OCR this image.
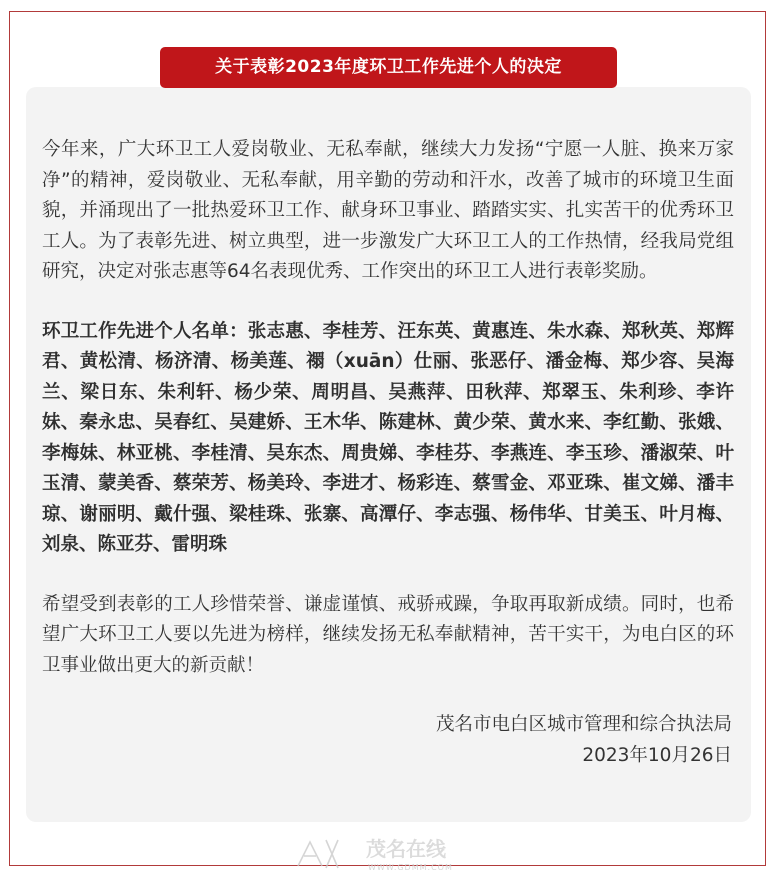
关于表彰2023年度环卫工作先进个人的决定

今年来，广大环卫工人爱岗敬业、无私奉献，继续大力发扬“宁愿一人脏、换来万家净”的精神，爱岗敬业、无私奉献，用辛勤的劳动和汗水，改善了城市的环境卫生面貌，并涌现出了一批热爱环卫工作、献身环卫事业、踏踏实实、扎实苦干的优秀环卫工人。为了表彰先进、树立典型，进一步激发广大环卫工人的工作热情，经我局党组研究，决定对张志惠等64名表现优秀、工作突出的环卫工人进行表彰奖励。

环卫工作先进个人名单：张志惠、李桂芳、汪东英、黄惠连、朱水森、郑秋英、郑辉君、黄松清、杨济清、杨美莲、禤（xuān）仕丽、张恶仔、潘金梅、郑少容、吴海兰、梁日东、朱利轩、杨少荣、周明昌、吴燕萍、田秋萍、郑翠玉、朱利珍、李许妹、秦永忠、吴春红、吴建娇、王木华、陈建林、黄少荣、黄水来、李红勤、张娥、李梅妹、林亚桃、李桂清、吴东杰、周贵娣、李桂芬、李燕连、李玉珍、潘淑荣、叶玉清、蒙美香、蔡荣芳、杨美玲、李进才、杨彩连、蔡雪金、邓亚珠、崔文娣、潘丰琼、谢丽明、戴什强、梁桂珠、张寨、高潭仔、李志强、杨伟华、甘美玉、叶月梅、刘泉、陈亚芬、雷明珠

希望受到表彰的工人珍惜荣誉、谦虚谨慎、戒骄戒躁，争取再取新成绩。同时，也希望广大环卫工人要以先进为榜样，继续发扬无私奉献精神，苦干实干，为电白区的环卫事业做出更大的新贡献！

茂名市电白区城市管理和综合执法局
2023年10月26日
茂名在线
WWW.GDMM.COM
